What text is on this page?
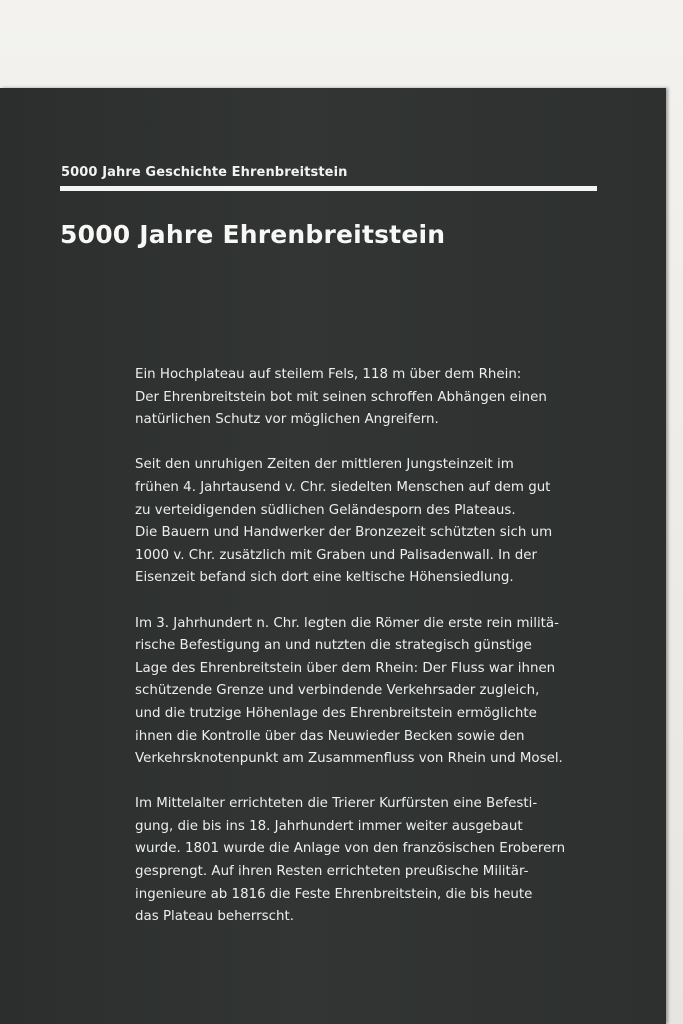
5000 Jahre Geschichte Ehrenbreitstein
5000 Jahre Ehrenbreitstein
Ein Hochplateau auf steilem Fels, 118 m über dem Rhein:
Der Ehrenbreitstein bot mit seinen schroffen Abhängen einen
natürlichen Schutz vor möglichen Angreifern.
Seit den unruhigen Zeiten der mittleren Jungsteinzeit im
frühen 4. Jahrtausend v. Chr. siedelten Menschen auf dem gut
zu verteidigenden südlichen Geländesporn des Plateaus.
Die Bauern und Handwerker der Bronzezeit schützten sich um
1000 v. Chr. zusätzlich mit Graben und Palisadenwall. In der
Eisenzeit befand sich dort eine keltische Höhensiedlung.
Im 3. Jahrhundert n. Chr. legten die Römer die erste rein militä-
rische Befestigung an und nutzten die strategisch günstige
Lage des Ehrenbreitstein über dem Rhein: Der Fluss war ihnen
schützende Grenze und verbindende Verkehrsader zugleich,
und die trutzige Höhenlage des Ehrenbreitstein ermöglichte
ihnen die Kontrolle über das Neuwieder Becken sowie den
Verkehrsknotenpunkt am Zusammenfluss von Rhein und Mosel.
Im Mittelalter errichteten die Trierer Kurfürsten eine Befesti-
gung, die bis ins 18. Jahrhundert immer weiter ausgebaut
wurde. 1801 wurde die Anlage von den französischen Eroberern
gesprengt. Auf ihren Resten errichteten preußische Militär-
ingenieure ab 1816 die Feste Ehrenbreitstein, die bis heute
das Plateau beherrscht.
